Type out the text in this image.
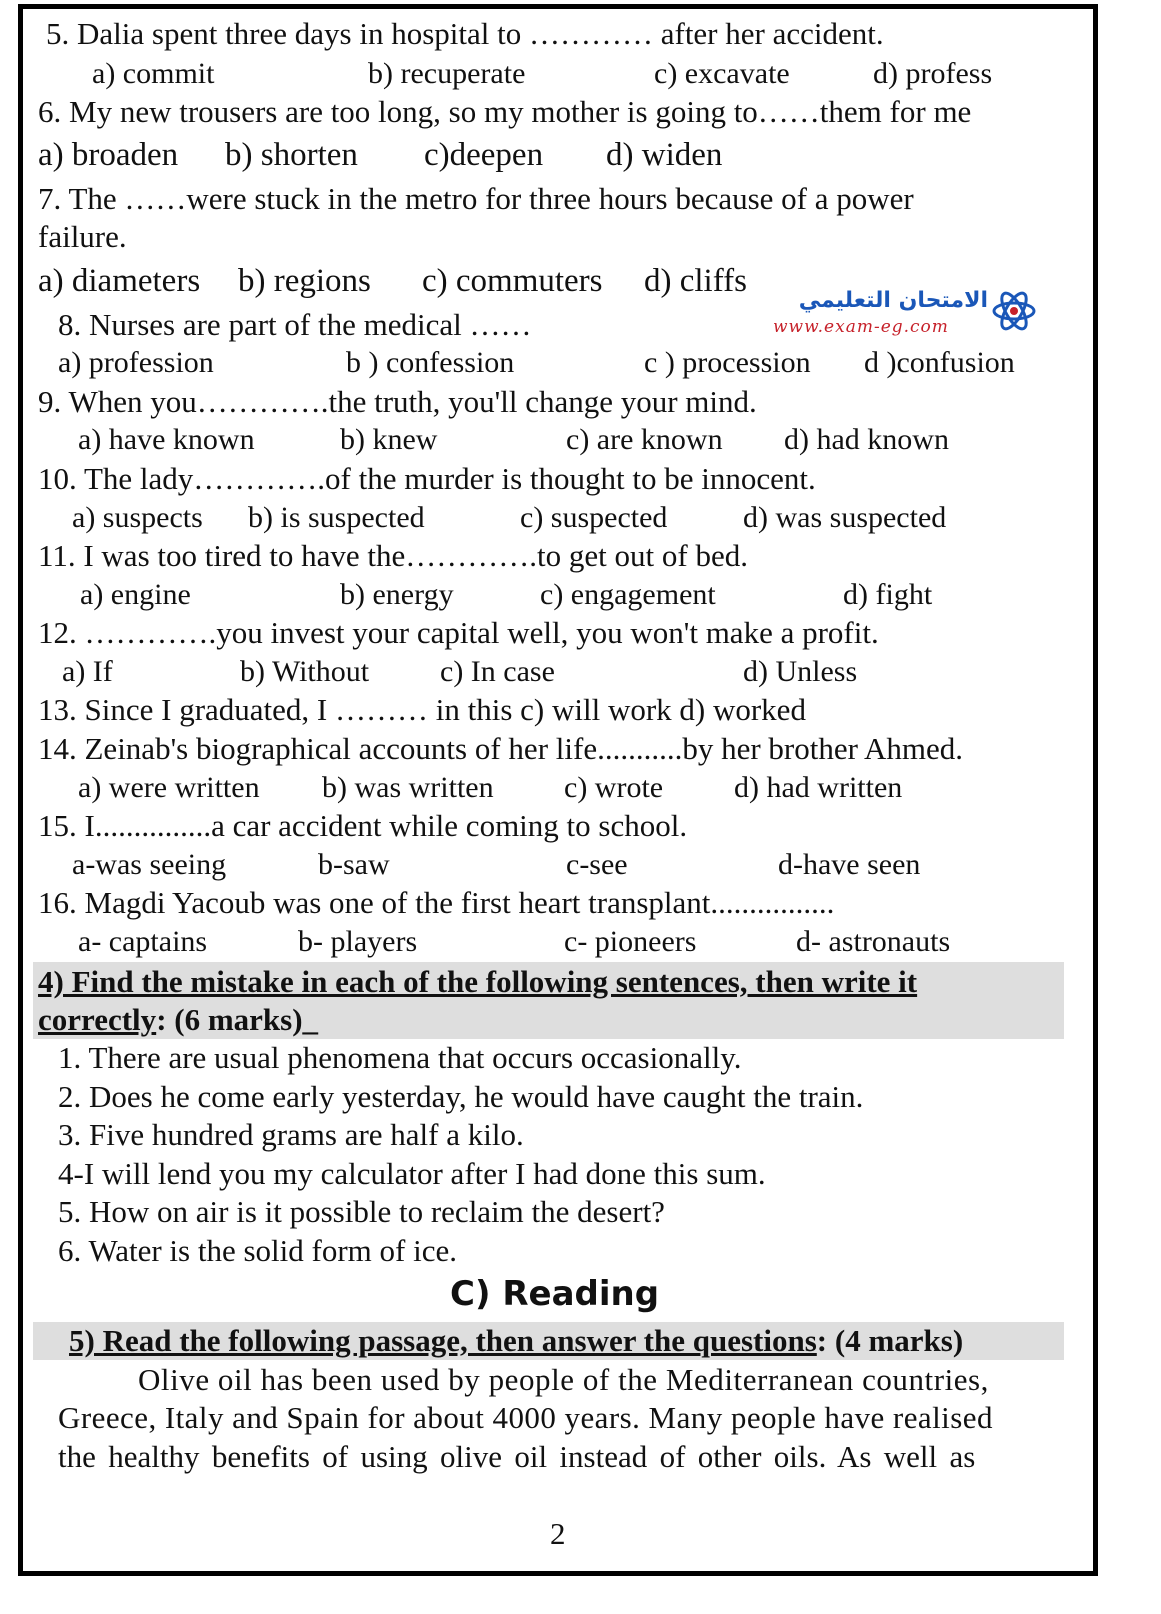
5. Dalia spent three days in hospital to ………… after her accident.
a) commit	b) recuperate	c) excavate	d) profess
6. My new trousers are too long, so my mother is going to……them for me
a) broaden b) shorten c)deepen d) widen
7. The ……were stuck in the metro for three hours because of a power
failure.
a) diameters b) regions c) commuters d) cliffs
الامتحان التعليمي
www.exam-eg.com
8. Nurses are part of the medical ……
a) profession	b ) confession	c ) procession d )confusion
9. When you………….the truth, you'll change your mind.
a) have known	b) knew	c) are known d) had known
10. The lady………….of the murder is thought to be innocent.
a) suspects b) is suspected	c) suspected	d) was suspected
11. I was too tired to have the………….to get out of bed.
a) engine	b) energy	c) engagement	d) fight
12. ………….you invest your capital well, you won't make a profit.
a) If	b) Without c) In case	d) Unless
13. Since I graduated, I ……… in this c) will work d) worked
14. Zeinab's biographical accounts of her life...........by her brother Ahmed.
a) were written b) was written c) wrote d) had written
15. I...............a car accident while coming to school.
a-was seeing	b-saw	c-see	d-have seen
16. Magdi Yacoub was one of the first heart transplant................
a- captains	b- players	c- pioneers	d- astronauts
4) Find the mistake in each of the following sentences, then write it
correctly: (6 marks)_
1. There are usual phenomena that occurs occasionally.
2. Does he come early yesterday, he would have caught the train.
3. Five hundred grams are half a kilo.
4-I will lend you my calculator after I had done this sum.
5. How on air is it possible to reclaim the desert?
6. Water is the solid form of ice.
C) Reading
5) Read the following passage, then answer the questions: (4 marks)
Olive oil has been used by people of the Mediterranean countries,
Greece, Italy and Spain for about 4000 years. Many people have realised
the healthy benefits of using olive oil instead of other oils. As well as
2
